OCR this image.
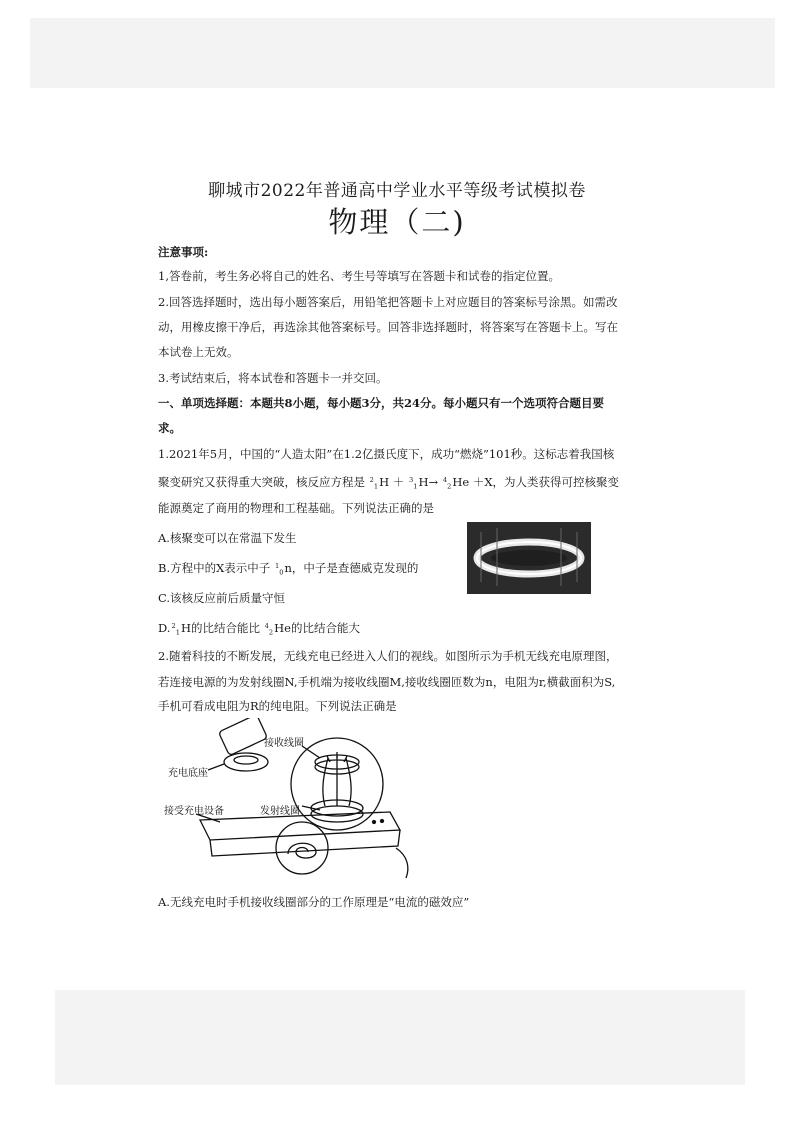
聊城市2022年普通高中学业水平等级考试模拟卷
物理（二)
注意事项:
1,答卷前，考生务必将自己的姓名、考生号等填写在答题卡和试卷的指定位置。
2.回答选择题时，选出每小题答案后，用铅笔把答题卡上对应题目的答案标号涂黑。如需改
动，用橡皮擦干净后，再选涂其他答案标号。回答非选择题时，将答案写在答题卡上。写在
本试卷上无效。
3.考试结束后，将本试卷和答题卡一并交回。
一、单项选择题：本题共8小题，每小题3分，共24分。每小题只有一个选项符合题目要
求。
1.2021年5月，中国的“人造太阳”在1.2亿摄氏度下，成功“燃烧”101秒。这标志着我国核
聚变研究又获得重大突破，核反应方程是 $^2_1$H ＋ $^3_1$H→ $^4_2$He ＋X，为人类获得可控核聚变
能源奠定了商用的物理和工程基础。下列说法正确的是
A.核聚变可以在常温下发生
B.方程中的X表示中子 $^1_0$n，中子是查德威克发现的
C.该核反应前后质量守恒
D.$^2_1$H的比结合能比 $^4_2$He的比结合能大
2.随着科技的不断发展，无线充电已经进入人们的视线。如图所示为手机无线充电原理图，
若连接电源的为发射线圈N,手机端为接收线圈M,接收线圈匝数为n，电阻为r,横截面积为S,
手机可看成电阻为R的纯电阻。下列说法正确是
接收线圈
充电底座
接受充电设备	发射线圈
A.无线充电时手机接收线圈部分的工作原理是“电流的磁效应”
